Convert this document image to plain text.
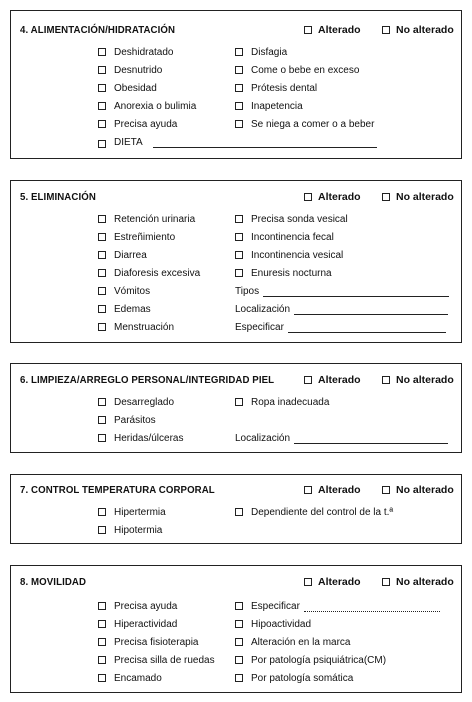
4. ALIMENTACIÓN/HIDRATACIÓN	Alterado	No alterado
Deshidratado
Desnutrido
Obesidad
Anorexia o bulimia
Precisa ayuda
DIETA
Disfagia
Come o bebe en exceso
Prótesis dental
Inapetencia
Se niega a comer o a beber
5. ELIMINACIÓN	Alterado	No alterado
Retención urinaria
Estreñimiento
Diarrea
Diaforesis excesiva
Vómitos
Edemas
Menstruación
Precisa sonda vesical
Incontinencia fecal
Incontinencia vesical
Enuresis nocturna
Tipos
Localización
Especificar
6. LIMPIEZA/ARREGLO PERSONAL/INTEGRIDAD PIEL	Alterado	No alterado
Desarreglado
Parásitos
Heridas/úlceras
Ropa inadecuada
Localización
7. CONTROL TEMPERATURA CORPORAL	Alterado	No alterado
Hipertermia
Hipotermia
Dependiente del control de la t.ª
8. MOVILIDAD	Alterado	No alterado
Precisa ayuda
Hiperactividad
Precisa fisioterapia
Precisa silla de ruedas
Encamado
Especificar
Hipoactividad
Alteración en la marca
Por patología psiquiátrica(CM)
Por patología somática
